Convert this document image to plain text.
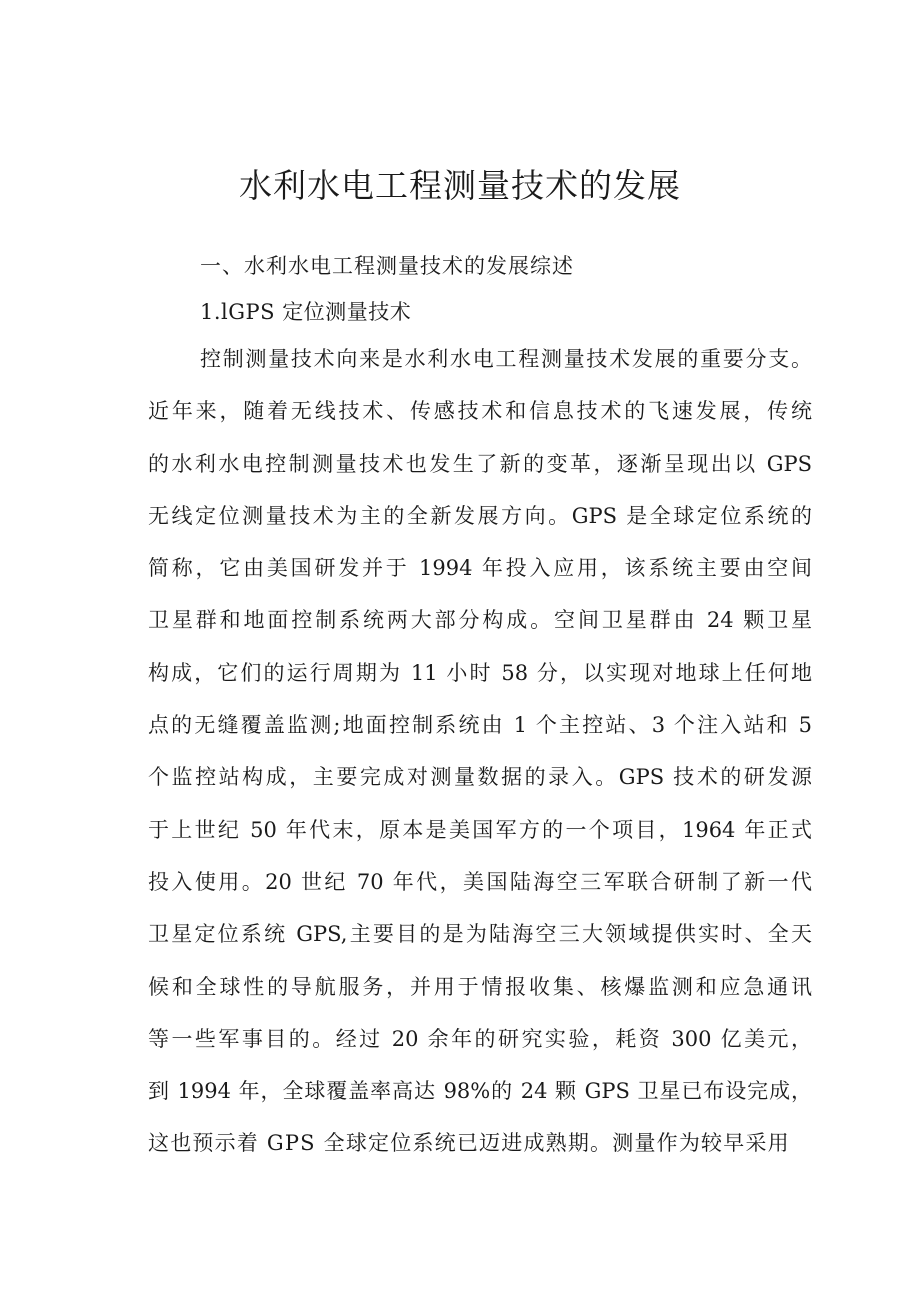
水利水电工程测量技术的发展
一、水利水电工程测量技术的发展综述
1.lGPS 定位测量技术
控制测量技术向来是水利水电工程测量技术发展的重要分支。
近年来，随着无线技术、传感技术和信息技术的飞速发展，传统
的水利水电控制测量技术也发生了新的变革，逐渐呈现出以 GPS
无线定位测量技术为主的全新发展方向。GPS 是全球定位系统的
简称，它由美国研发并于 1994 年投入应用，该系统主要由空间
卫星群和地面控制系统两大部分构成。空间卫星群由 24 颗卫星
构成，它们的运行周期为 11 小时 58 分，以实现对地球上任何地
点的无缝覆盖监测;地面控制系统由 1 个主控站、3 个注入站和 5
个监控站构成，主要完成对测量数据的录入。GPS 技术的研发源
于上世纪 50 年代末，原本是美国军方的一个项目，1964 年正式
投入使用。20 世纪 70 年代，美国陆海空三军联合研制了新一代
卫星定位系统 GPS,主要目的是为陆海空三大领域提供实时、全天
候和全球性的导航服务，并用于情报收集、核爆监测和应急通讯
等一些军事目的。经过 20 余年的研究实验，耗资 300 亿美元，
到 1994 年，全球覆盖率高达 98%的 24 颗 GPS 卫星已布设完成，
这也预示着 GPS 全球定位系统已迈进成熟期。测量作为较早采用
